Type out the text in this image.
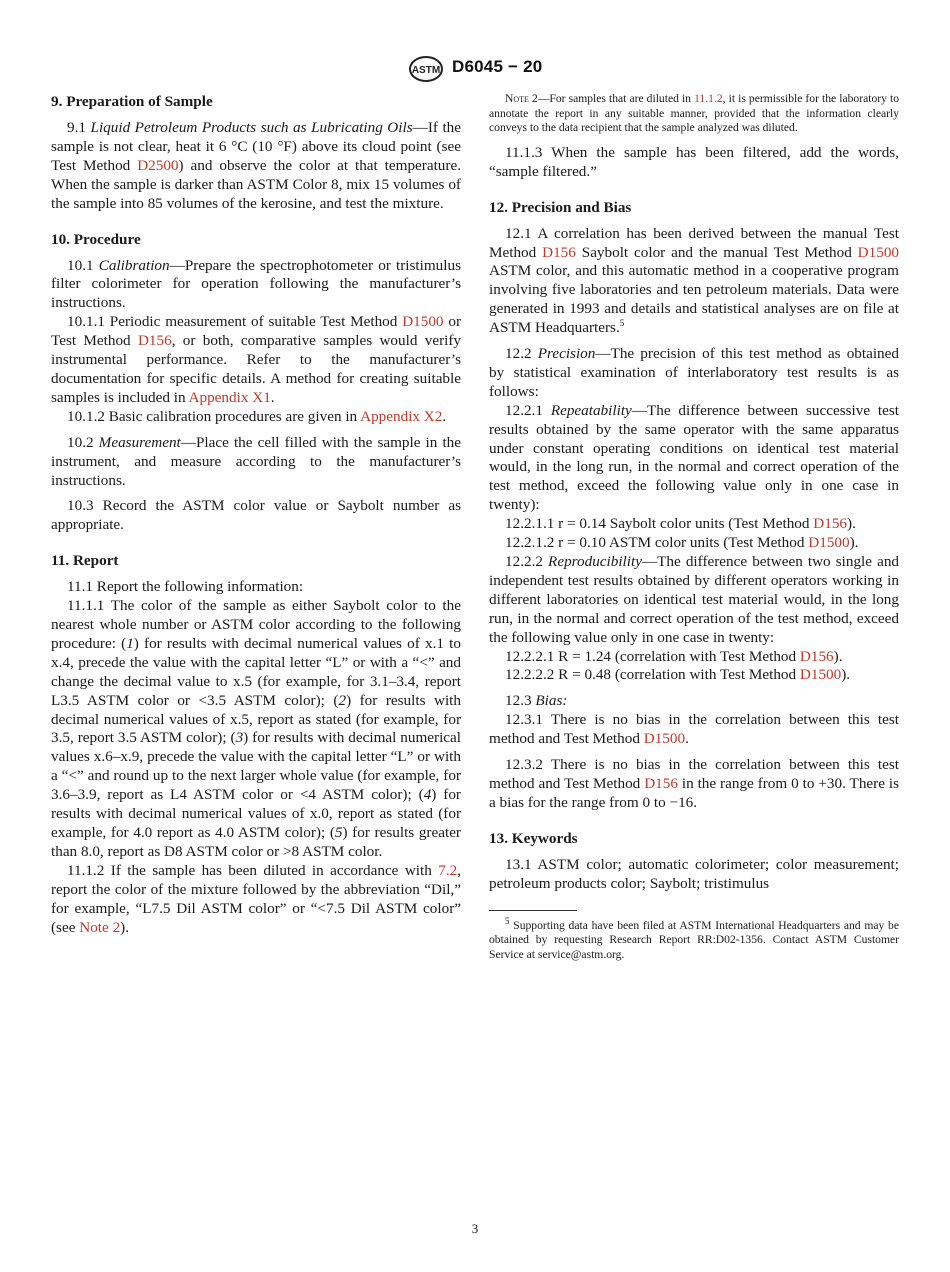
ASTM D6045 − 20
9. Preparation of Sample

9.1 Liquid Petroleum Products such as Lubricating Oils—If the sample is not clear, heat it 6 °C (10 °F) above its cloud point (see Test Method D2500) and observe the color at that temperature. When the sample is darker than ASTM Color 8, mix 15 volumes of the sample into 85 volumes of the kerosine, and test the mixture.

10. Procedure

10.1 Calibration—Prepare the spectrophotometer or tristimulus filter colorimeter for operation following the manufacturer’s instructions.

10.1.1 Periodic measurement of suitable Test Method D1500 or Test Method D156, or both, comparative samples would verify instrumental performance. Refer to the manufacturer’s documentation for specific details. A method for creating suitable samples is included in Appendix X1.

10.1.2 Basic calibration procedures are given in Appendix X2.

10.2 Measurement—Place the cell filled with the sample in the instrument, and measure according to the manufacturer’s instructions.

10.3 Record the ASTM color value or Saybolt number as appropriate.

11. Report

11.1 Report the following information:

11.1.1 The color of the sample as either Saybolt color to the nearest whole number or ASTM color according to the following procedure: (1) for results with decimal numerical values of x.1 to x.4, precede the value with the capital letter “L” or with a “<” and change the decimal value to x.5 (for example, for 3.1–3.4, report L3.5 ASTM color or <3.5 ASTM color); (2) for results with decimal numerical values of x.5, report as stated (for example, for 3.5, report 3.5 ASTM color); (3) for results with decimal numerical values x.6–x.9, precede the value with the capital letter “L” or with a “<” and round up to the next larger whole value (for example, for 3.6–3.9, report as L4 ASTM color or <4 ASTM color); (4) for results with decimal numerical values of x.0, report as stated (for example, for 4.0 report as 4.0 ASTM color); (5) for results greater than 8.0, report as D8 ASTM color or >8 ASTM color.

11.1.2 If the sample has been diluted in accordance with 7.2, report the color of the mixture followed by the abbreviation “Dil,” for example, “L7.5 Dil ASTM color” or “<7.5 Dil ASTM color” (see Note 2).

Note 2—For samples that are diluted in 11.1.2, it is permissible for the laboratory to annotate the report in any suitable manner, provided that the information clearly conveys to the data recipient that the sample analyzed was diluted.

11.1.3 When the sample has been filtered, add the words, “sample filtered.”

12. Precision and Bias

12.1 A correlation has been derived between the manual Test Method D156 Saybolt color and the manual Test Method D1500 ASTM color, and this automatic method in a cooperative program involving five laboratories and ten petroleum materials. Data were generated in 1993 and details and statistical analyses are on file at ASTM Headquarters.$^5$

12.2 Precision—The precision of this test method as obtained by statistical examination of interlaboratory test results is as follows:

12.2.1 Repeatability—The difference between successive test results obtained by the same operator with the same apparatus under constant operating conditions on identical test material would, in the long run, in the normal and correct operation of the test method, exceed the following value only in one case in twenty):

12.2.1.1 r = 0.14 Saybolt color units (Test Method D156).

12.2.1.2 r = 0.10 ASTM color units (Test Method D1500).

12.2.2 Reproducibility—The difference between two single and independent test results obtained by different operators working in different laboratories on identical test material would, in the long run, in the normal and correct operation of the test method, exceed the following value only in one case in twenty:

12.2.2.1 R = 1.24 (correlation with Test Method D156).

12.2.2.2 R = 0.48 (correlation with Test Method D1500).

12.3 Bias:

12.3.1 There is no bias in the correlation between this test method and Test Method D1500.

12.3.2 There is no bias in the correlation between this test method and Test Method D156 in the range from 0 to +30. There is a bias for the range from 0 to −16.

13. Keywords

13.1 ASTM color; automatic colorimeter; color measurement; petroleum products color; Saybolt; tristimulus

$^5$ Supporting data have been filed at ASTM International Headquarters and may be obtained by requesting Research Report RR:D02-1356. Contact ASTM Customer Service at service@astm.org.

3
